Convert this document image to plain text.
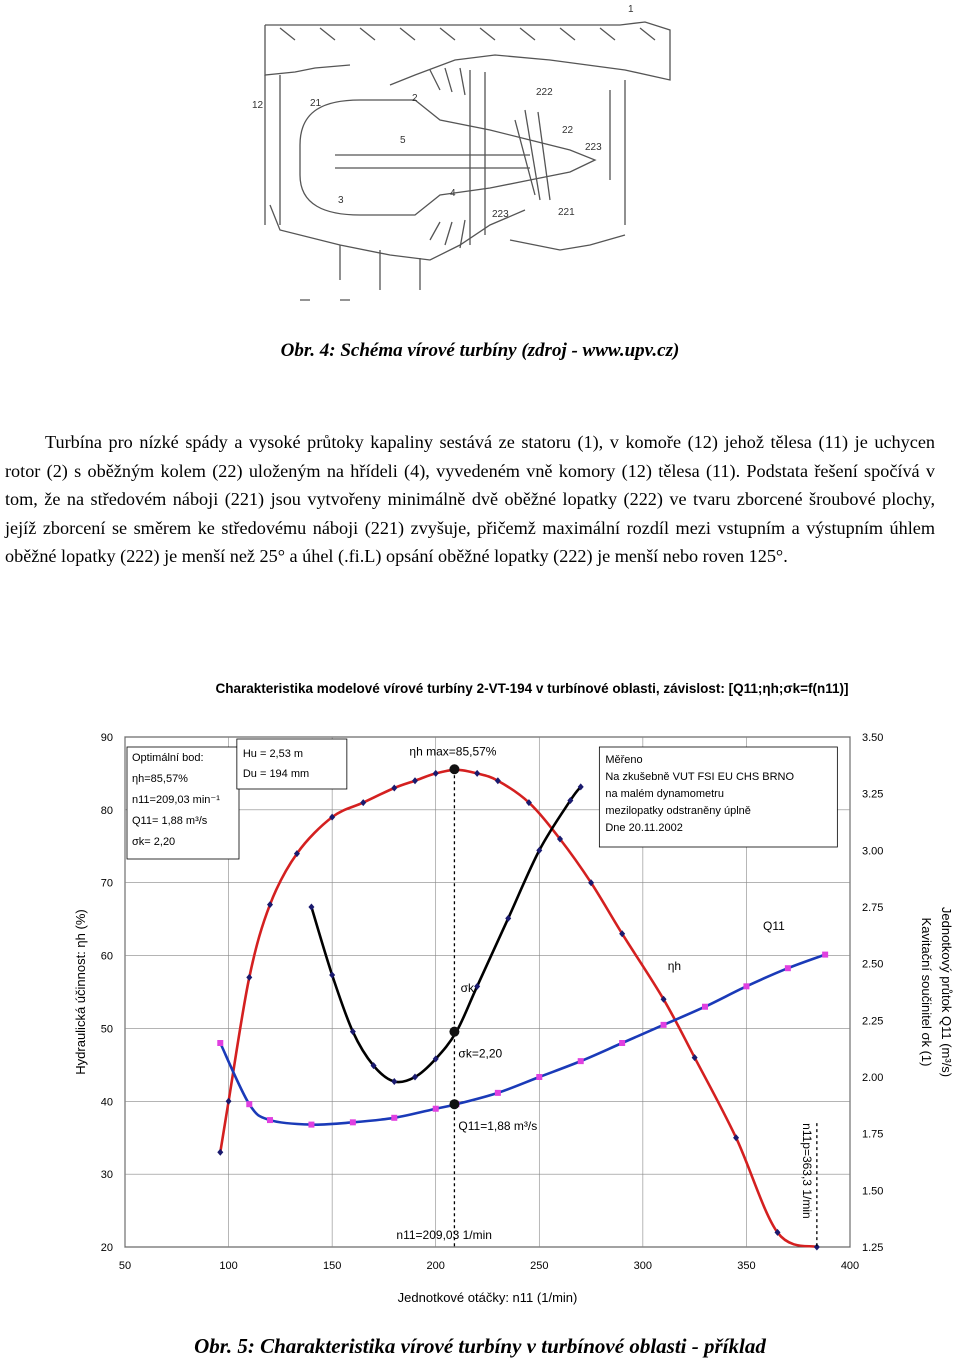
1
12	21	2
222
5
22
223
3
4
223	221
Obr. 4: Schéma vírové turbíny (zdroj - www.upv.cz)

Turbína pro nízké spády a vysoké průtoky kapaliny sestává ze statoru (1), v komoře (12) jehož tělesa (11) je uchycen rotor (2) s oběžným kolem (22) uloženým na hřídeli (4), vyvedeném vně komory (12) tělesa (11). Podstata řešení spočívá v tom, že na středovém náboji (221) jsou vytvořeny minimálně dvě oběžné lopatky (222) ve tvaru zborcené šroubové plochy, jejíž zborcení se směrem ke středovému náboji (221) zvyšuje, přičemž maximální rozdíl mezi vstupním a výstupním úhlem oběžné lopatky (222) je menší než 25° a úhel (.fi.L) opsání oběžné lopatky (222) je menší nebo roven 125°.

Charakteristika modelové vírové turbíny 2-VT-194 v turbínové oblasti, závislost: [Q11;ηh;σk=f(n11)]
20
30
40
50
60
70
80
90
1.25
1.50
1.75
2.00
2.25
2.50
2.75
3.00
3.25
3.50
50	100	150	200	250	300	350	400
Jednotkové otáčky: n11 (1/min)
Hydraulická účinnost: ηh (%)	Jednotkový průtok Q11 (m³/s)
Kavitační součinitel σk (1)
ηh max=85,57%
σk=2,20
Q11=1,88 m³/s
n11=209,03 1/min
n11p=363,3 1/min
ηh
σk
Q11
Optimální bod:
ηh=85,57%
n11=209,03 min⁻¹
Q11= 1,88 m³/s
σk= 2,20
Hu = 2,53 m
Du = 194 mm
Měřeno
Na zkušebně VUT FSI EU CHS BRNO
na malém dynamometru
mezilopatky odstraněny úplně
Dne 20.11.2002
Obr. 5: Charakteristika vírové turbíny v turbínové oblasti - příklad
